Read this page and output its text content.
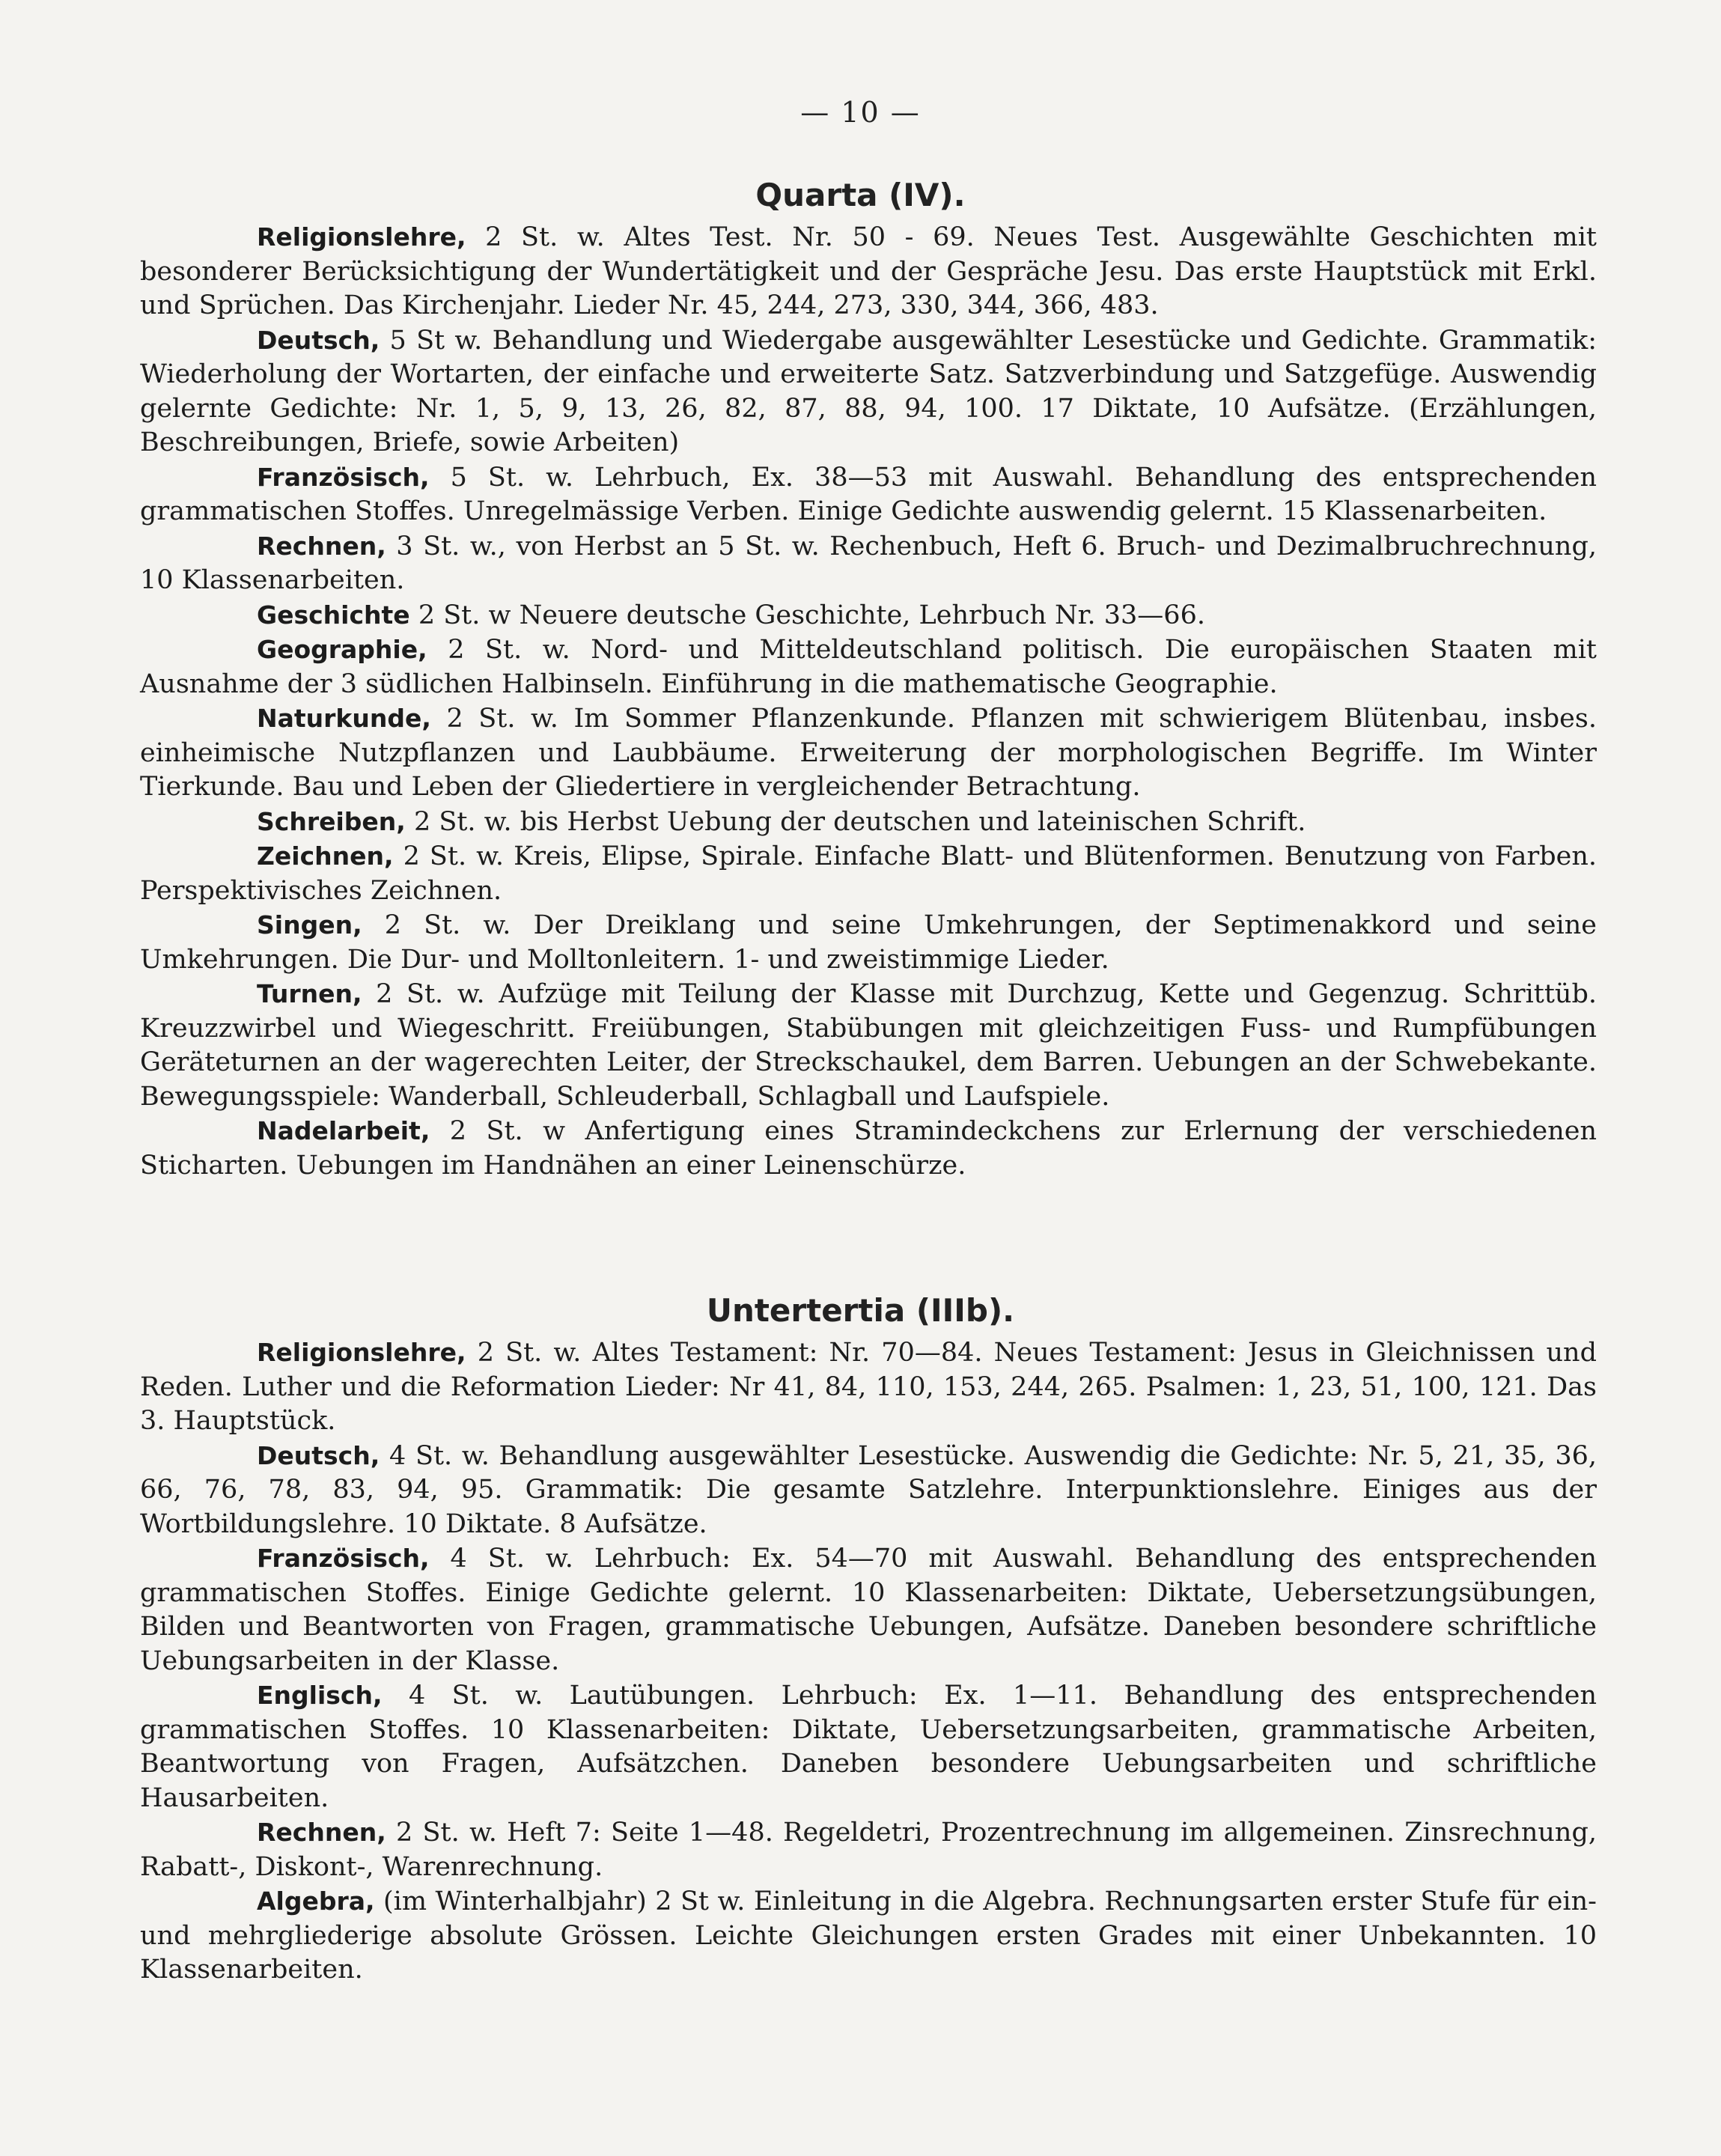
— 10 —
Quarta (IV).

Religionslehre, 2 St. w. Altes Test. Nr. 50 - 69. Neues Test. Ausgewählte Geschichten mit besonderer Berücksichtigung der Wundertätigkeit und der Gespräche Jesu. Das erste Hauptstück mit Erkl. und Sprüchen. Das Kirchenjahr. Lieder Nr. 45, 244, 273, 330, 344, 366, 483.

Deutsch, 5 St w. Behandlung und Wiedergabe ausgewählter Lesestücke und Gedichte. Grammatik: Wiederholung der Wortarten, der einfache und erweiterte Satz. Satzverbindung und Satzgefüge. Auswendig gelernte Gedichte: Nr. 1, 5, 9, 13, 26, 82, 87, 88, 94, 100. 17 Diktate, 10 Aufsätze. (Erzählungen, Beschreibungen, Briefe, sowie Arbeiten)

Französisch, 5 St. w. Lehrbuch, Ex. 38—53 mit Auswahl. Behandlung des entsprechenden grammatischen Stoffes. Unregelmässige Verben. Einige Gedichte auswendig gelernt. 15 Klassenarbeiten.

Rechnen, 3 St. w., von Herbst an 5 St. w. Rechenbuch, Heft 6. Bruch- und Dezimalbruchrechnung, 10 Klassenarbeiten.

Geschichte 2 St. w Neuere deutsche Geschichte, Lehrbuch Nr. 33—66.

Geographie, 2 St. w. Nord- und Mitteldeutschland politisch. Die europäischen Staaten mit Ausnahme der 3 südlichen Halbinseln. Einführung in die mathematische Geographie.

Naturkunde, 2 St. w. Im Sommer Pflanzenkunde. Pflanzen mit schwierigem Blütenbau, insbes. einheimische Nutzpflanzen und Laubbäume. Erweiterung der morphologischen Begriffe. Im Winter Tierkunde. Bau und Leben der Gliedertiere in vergleichender Betrachtung.

Schreiben, 2 St. w. bis Herbst Uebung der deutschen und lateinischen Schrift.

Zeichnen, 2 St. w. Kreis, Elipse, Spirale. Einfache Blatt- und Blütenformen. Benutzung von Farben. Perspektivisches Zeichnen.

Singen, 2 St. w. Der Dreiklang und seine Umkehrungen, der Septimenakkord und seine Umkehrungen. Die Dur- und Molltonleitern. 1- und zweistimmige Lieder.

Turnen, 2 St. w. Aufzüge mit Teilung der Klasse mit Durchzug, Kette und Gegenzug. Schrittüb. Kreuzzwirbel und Wiegeschritt. Freiübungen, Stabübungen mit gleichzeitigen Fuss- und Rumpfübungen Geräteturnen an der wagerechten Leiter, der Streckschaukel, dem Barren. Uebungen an der Schwebekante. Bewegungsspiele: Wanderball, Schleuderball, Schlagball und Laufspiele.

Nadelarbeit, 2 St. w Anfertigung eines Stramindeckchens zur Erlernung der verschiedenen Sticharten. Uebungen im Handnähen an einer Leinenschürze.

Untertertia (IIIb).

Religionslehre, 2 St. w. Altes Testament: Nr. 70—84. Neues Testament: Jesus in Gleichnissen und Reden. Luther und die Reformation Lieder: Nr 41, 84, 110, 153, 244, 265. Psalmen: 1, 23, 51, 100, 121. Das 3. Hauptstück.

Deutsch, 4 St. w. Behandlung ausgewählter Lesestücke. Auswendig die Gedichte: Nr. 5, 21, 35, 36, 66, 76, 78, 83, 94, 95. Grammatik: Die gesamte Satzlehre. Interpunktionslehre. Einiges aus der Wortbildungslehre. 10 Diktate. 8 Aufsätze.

Französisch, 4 St. w. Lehrbuch: Ex. 54—70 mit Auswahl. Behandlung des entsprechenden grammatischen Stoffes. Einige Gedichte gelernt. 10 Klassenarbeiten: Diktate, Uebersetzungsübungen, Bilden und Beantworten von Fragen, grammatische Uebungen, Aufsätze. Daneben besondere schriftliche Uebungsarbeiten in der Klasse.

Englisch, 4 St. w. Lautübungen. Lehrbuch: Ex. 1—11. Behandlung des entsprechenden grammatischen Stoffes. 10 Klassenarbeiten: Diktate, Uebersetzungsarbeiten, grammatische Arbeiten, Beantwortung von Fragen, Aufsätzchen. Daneben besondere Uebungsarbeiten und schriftliche Hausarbeiten.

Rechnen, 2 St. w. Heft 7: Seite 1—48. Regeldetri, Prozentrechnung im allgemeinen. Zinsrechnung, Rabatt-, Diskont-, Warenrechnung.

Algebra, (im Winterhalbjahr) 2 St w. Einleitung in die Algebra. Rechnungsarten erster Stufe für ein- und mehrgliederige absolute Grössen. Leichte Gleichungen ersten Grades mit einer Unbekannten. 10 Klassenarbeiten.
